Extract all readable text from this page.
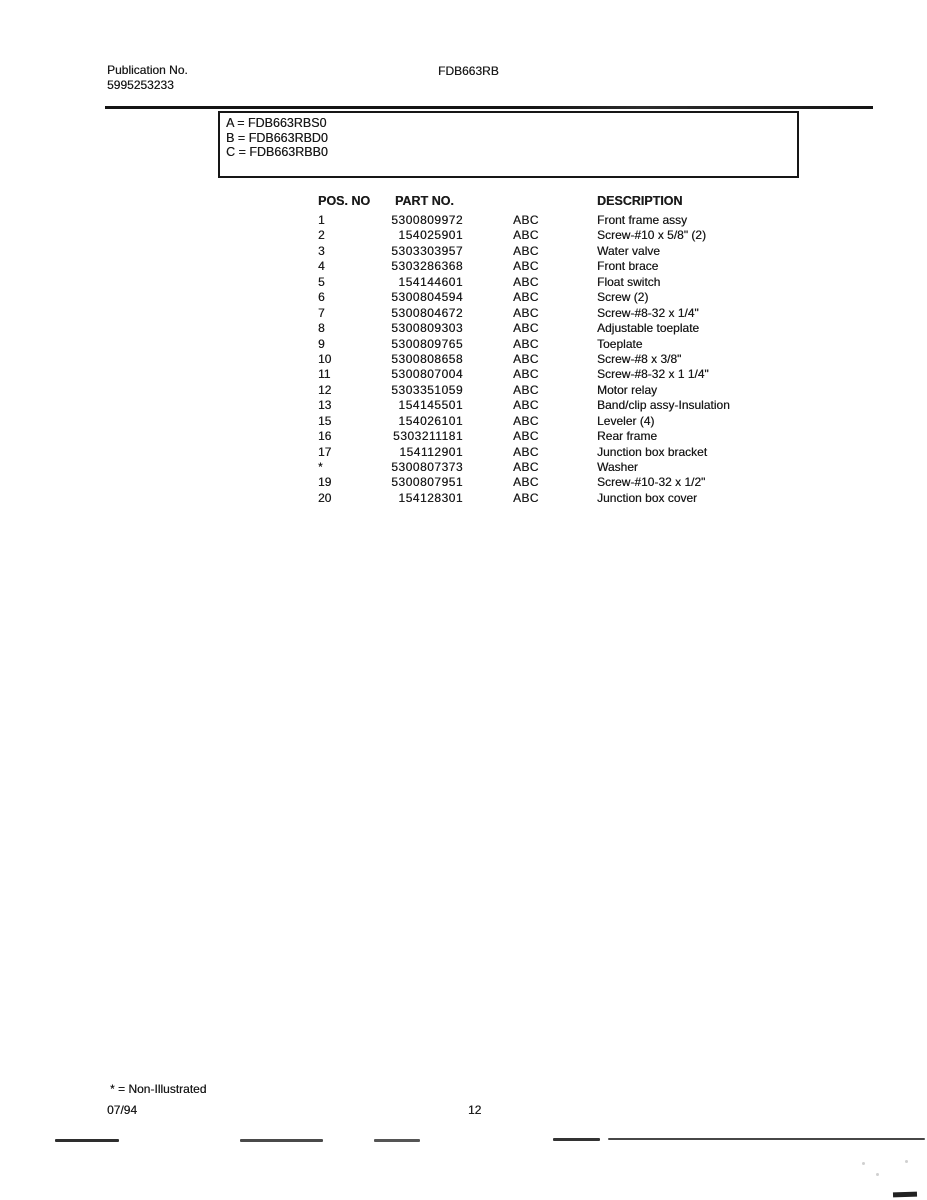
Publication No.
5995253233
FDB663RB
A = FDB663RBS0
B = FDB663RBD0
C = FDB663RBB0
POS. NO PART NO.	DESCRIPTION
1	5300809972	ABC	Front frame assy
2	154025901	ABC	Screw-#10 x 5/8" (2)
3	5303303957	ABC	Water valve
4	5303286368	ABC	Front brace
5	154144601	ABC	Float switch
6	5300804594	ABC	Screw (2)
7	5300804672	ABC	Screw-#8-32 x 1/4"
8	5300809303	ABC	Adjustable toeplate
9	5300809765	ABC	Toeplate
10	5300808658	ABC	Screw-#8 x 3/8"
11	5300807004	ABC	Screw-#8-32 x 1 1/4"
12	5303351059	ABC	Motor relay
13	154145501	ABC	Band/clip assy-Insulation
15	154026101	ABC	Leveler (4)
16	5303211181	ABC	Rear frame
17	154112901	ABC	Junction box bracket
*	5300807373	ABC	Washer
19	5300807951	ABC	Screw-#10-32 x 1/2"
20	154128301	ABC	Junction box cover
* = Non-Illustrated
07/94	12
